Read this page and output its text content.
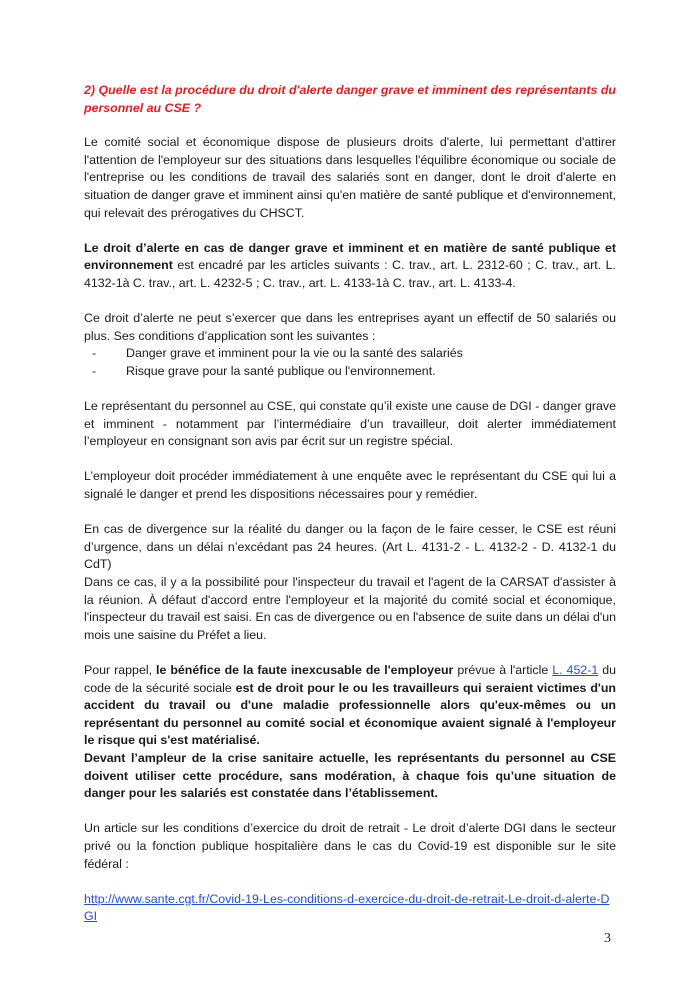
2) Quelle est la procédure du droit d'alerte danger grave et imminent des représentants du personnel au CSE ?

Le comité social et économique dispose de plusieurs droits d'alerte, lui permettant d'attirer l'attention de l'employeur sur des situations dans lesquelles l'équilibre économique ou sociale de l'entreprise ou les conditions de travail des salariés sont en danger, dont le droit d'alerte en situation de danger grave et imminent ainsi qu'en matière de santé publique et d'environnement, qui relevait des prérogatives du CHSCT.

Le droit d’alerte en cas de danger grave et imminent et en matière de santé publique et environnement est encadré par les articles suivants : C. trav., art. L. 2312-60 ; C. trav., art. L. 4132-1à C. trav., art. L. 4232-5 ; C. trav., art. L. 4133-1à C. trav., art. L. 4133-4.

Ce droit d’alerte ne peut s’exercer que dans les entreprises ayant un effectif de 50 salariés ou plus. Ses conditions d’application sont les suivantes :

- Danger grave et imminent pour la vie ou la santé des salariés
- Risque grave pour la santé publique ou l'environnement.

Le représentant du personnel au CSE, qui constate qu’il existe une cause de DGI - danger grave et imminent - notamment par l’intermédiaire d’un travailleur, doit alerter immédiatement l’employeur en consignant son avis par écrit sur un registre spécial.

L’employeur doit procéder immédiatement à une enquête avec le représentant du CSE qui lui a signalé le danger et prend les dispositions nécessaires pour y remédier.

En cas de divergence sur la réalité du danger ou la façon de le faire cesser, le CSE est réuni d’urgence, dans un délai n’excédant pas 24 heures. (Art L. 4131-2 - L. 4132-2 - D. 4132-1 du CdT)

Dans ce cas, il y a la possibilité pour l'inspecteur du travail et l'agent de la CARSAT d'assister à la réunion. À défaut d'accord entre l'employeur et la majorité du comité social et économique, l'inspecteur du travail est saisi. En cas de divergence ou en l'absence de suite dans un délai d'un mois une saisine du Préfet a lieu.

Pour rappel, le bénéfice de la faute inexcusable de l'employeur prévue à l'article L. 452-1 du code de la sécurité sociale est de droit pour le ou les travailleurs qui seraient victimes d'un accident du travail ou d'une maladie professionnelle alors qu'eux-mêmes ou un représentant du personnel au comité social et économique avaient signalé à l'employeur le risque qui s'est matérialisé.

Devant l’ampleur de la crise sanitaire actuelle, les représentants du personnel au CSE doivent utiliser cette procédure, sans modération, à chaque fois qu’une situation de danger pour les salariés est constatée dans l’établissement.

Un article sur les conditions d’exercice du droit de retrait - Le droit d’alerte DGI dans le secteur privé ou la fonction publique hospitalière dans le cas du Covid-19 est disponible sur le site fédéral :

http://www.sante.cgt.fr/Covid-19-Les-conditions-d-exercice-du-droit-de-retrait-Le-droit-d-alerte-DGI

3
